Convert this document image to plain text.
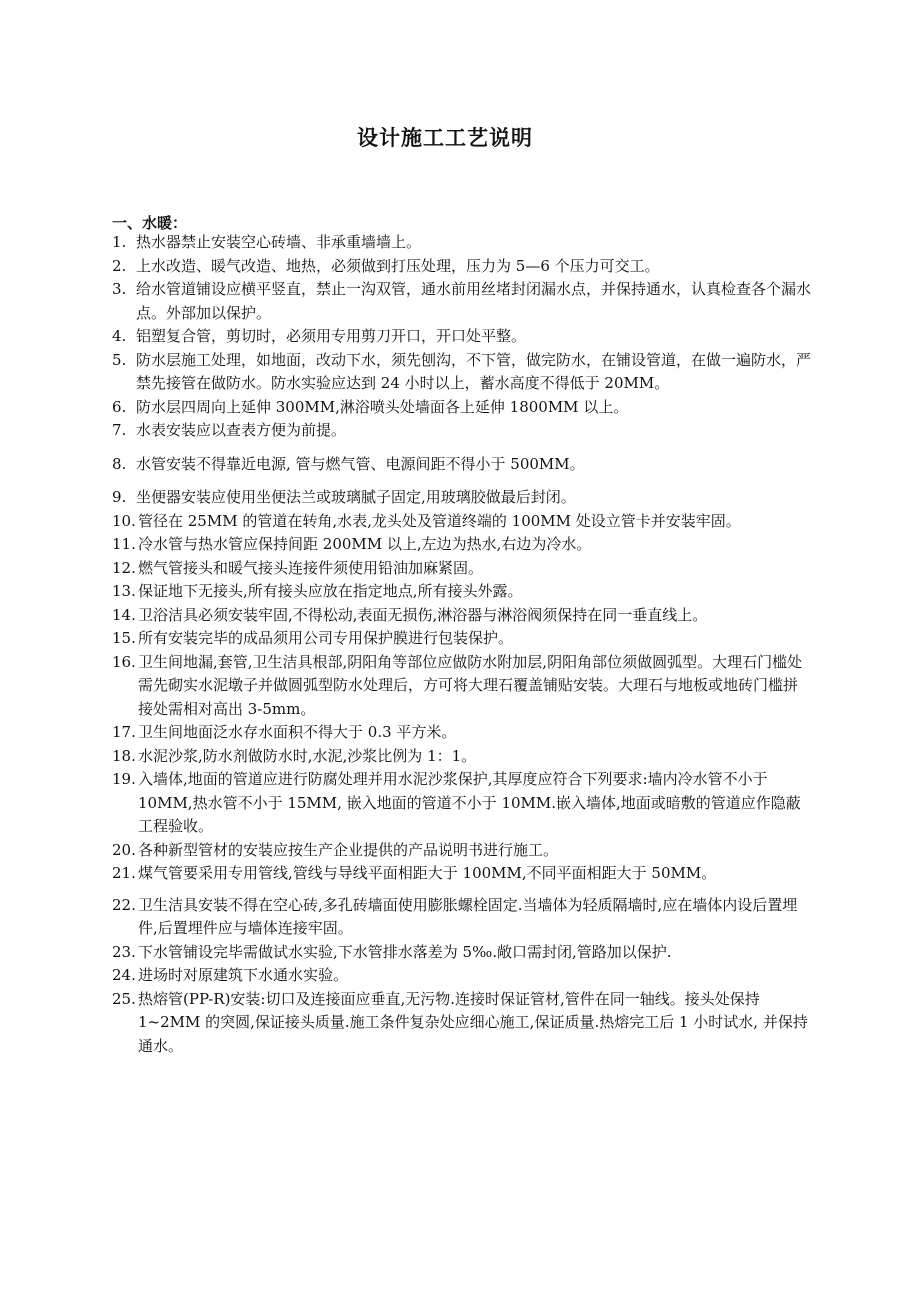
设计施工工艺说明
一、水暖：
1. 热水器禁止安装空心砖墙、非承重墙墙上。
2. 上水改造、暖气改造、地热，必须做到打压处理，压力为 5—6 个压力可交工。
3. 给水管道铺设应横平竖直，禁止一沟双管，通水前用丝堵封闭漏水点，并保持通水，认真检查各个漏水点。外部加以保护。
4. 铝塑复合管，剪切时，必须用专用剪刀开口，开口处平整。
5. 防水层施工处理，如地面，改动下水，须先刨沟，不下管，做完防水，在铺设管道，在做一遍防水，严禁先接管在做防水。防水实验应达到 24 小时以上，蓄水高度不得低于 20MM。
6. 防水层四周向上延伸 300MM,淋浴喷头处墙面各上延伸 1800MM 以上。
7. 水表安装应以查表方便为前提。
8. 水管安装不得靠近电源, 管与燃气管、电源间距不得小于 500MM。
9. 坐便器安装应使用坐便法兰或玻璃腻子固定,用玻璃胶做最后封闭。
10. 管径在 25MM 的管道在转角,水表,龙头处及管道终端的 100MM 处设立管卡并安装牢固。
11. 冷水管与热水管应保持间距 200MM 以上,左边为热水,右边为冷水。
12. 燃气管接头和暖气接头连接件须使用铅油加麻紧固。
13. 保证地下无接头,所有接头应放在指定地点,所有接头外露。
14. 卫浴洁具必须安装牢固,不得松动,表面无损伤,淋浴器与淋浴阀须保持在同一垂直线上。
15. 所有安装完毕的成品须用公司专用保护膜进行包装保护。
16. 卫生间地漏,套管,卫生洁具根部,阴阳角等部位应做防水附加层,阴阳角部位须做圆弧型。大理石门槛处需先砌实水泥墩子并做圆弧型防水处理后，方可将大理石覆盖铺贴安装。大理石与地板或地砖门槛拼接处需相对高出 3-5mm。
17. 卫生间地面泛水存水面积不得大于 0.3 平方米。
18. 水泥沙浆,防水剂做防水时,水泥,沙浆比例为 1：1。
19. 入墙体,地面的管道应进行防腐处理并用水泥沙浆保护,其厚度应符合下列要求:墙内冷水管不小于 10MM,热水管不小于 15MM, 嵌入地面的管道不小于 10MM.嵌入墙体,地面或暗敷的管道应作隐蔽工程验收。
20. 各种新型管材的安装应按生产企业提供的产品说明书进行施工。
21. 煤气管要采用专用管线,管线与导线平面相距大于 100MM,不同平面相距大于 50MM。
22. 卫生洁具安装不得在空心砖,多孔砖墙面使用膨胀螺栓固定.当墙体为轻质隔墙时,应在墙体内设后置埋件,后置埋件应与墙体连接牢固。
23. 下水管铺设完毕需做试水实验,下水管排水落差为 5‰.敞口需封闭,管路加以保护.
24. 进场时对原建筑下水通水实验。
25. 热熔管(PP-R)安装:切口及连接面应垂直,无污物.连接时保证管材,管件在同一轴线。接头处保持 1~2MM 的突圆,保证接头质量.施工条件复杂处应细心施工,保证质量.热熔完工后 1 小时试水, 并保持通水。
